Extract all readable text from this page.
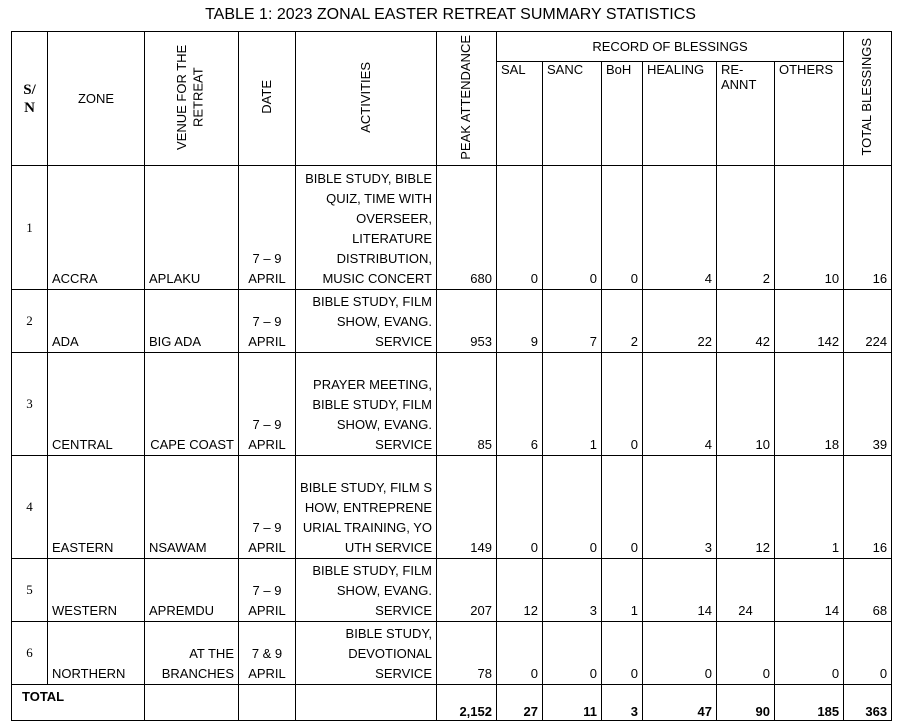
TABLE 1: 2023 ZONAL EASTER RETREAT SUMMARY STATISTICS
S/
N	ZONE	VENUE FOR THE RETREAT	DATE	ACTIVITIES	PEAK ATTENDANCE	RECORD OF BLESSINGS						TOTAL BLESSINGS
						SAL	SANC	BoH	HEALING	RE-ANNT	OTHERS	
1	ACCRA	APLAKU	7 – 9 APRIL	BIBLE STUDY, BIBLE QUIZ, TIME WITH OVERSEER, LITERATURE DISTRIBUTION, MUSIC CONCERT	680	0	0	0	4	2	10	16
2	ADA	BIG ADA	7 – 9 APRIL	BIBLE STUDY, FILM SHOW, EVANG. SERVICE	953	9	7	2	22	42	142	224
3	CENTRAL	CAPE COAST	7 – 9 APRIL	PRAYER MEETING, BIBLE STUDY, FILM SHOW, EVANG. SERVICE	85	6	1	0	4	10	18	39
4	EASTERN	NSAWAM	7 – 9 APRIL	BIBLE STUDY, FILM SHOW, ENTREPRENEURIAL TRAINING, YOUTH SERVICE	149	0	0	0	3	12	1	16
5	WESTERN	APREMDU	7 – 9 APRIL	BIBLE STUDY, FILM SHOW, EVANG. SERVICE	207	12	3	1	14	24	14	68
6	NORTHERN	AT THE BRANCHES	7 & 9 APRIL	BIBLE STUDY, DEVOTIONAL SERVICE	78	0	0	0	0	0	0	0
TOTAL					2,152	27	11	3	47	90	185	363
